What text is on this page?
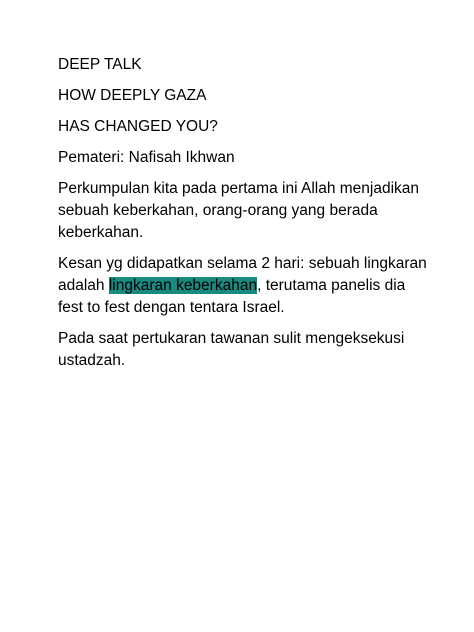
DEEP TALK

HOW DEEPLY GAZA

HAS CHANGED YOU?

Pemateri: Nafisah Ikhwan

Perkumpulan kita pada pertama ini Allah menjadikan sebuah keberkahan, orang-orang yang berada keberkahan.

Kesan yg didapatkan selama 2 hari: sebuah lingkaran adalah lingkaran keberkahan, terutama panelis dia fest to fest dengan tentara Israel.

Pada saat pertukaran tawanan sulit mengeksekusi ustadzah.
